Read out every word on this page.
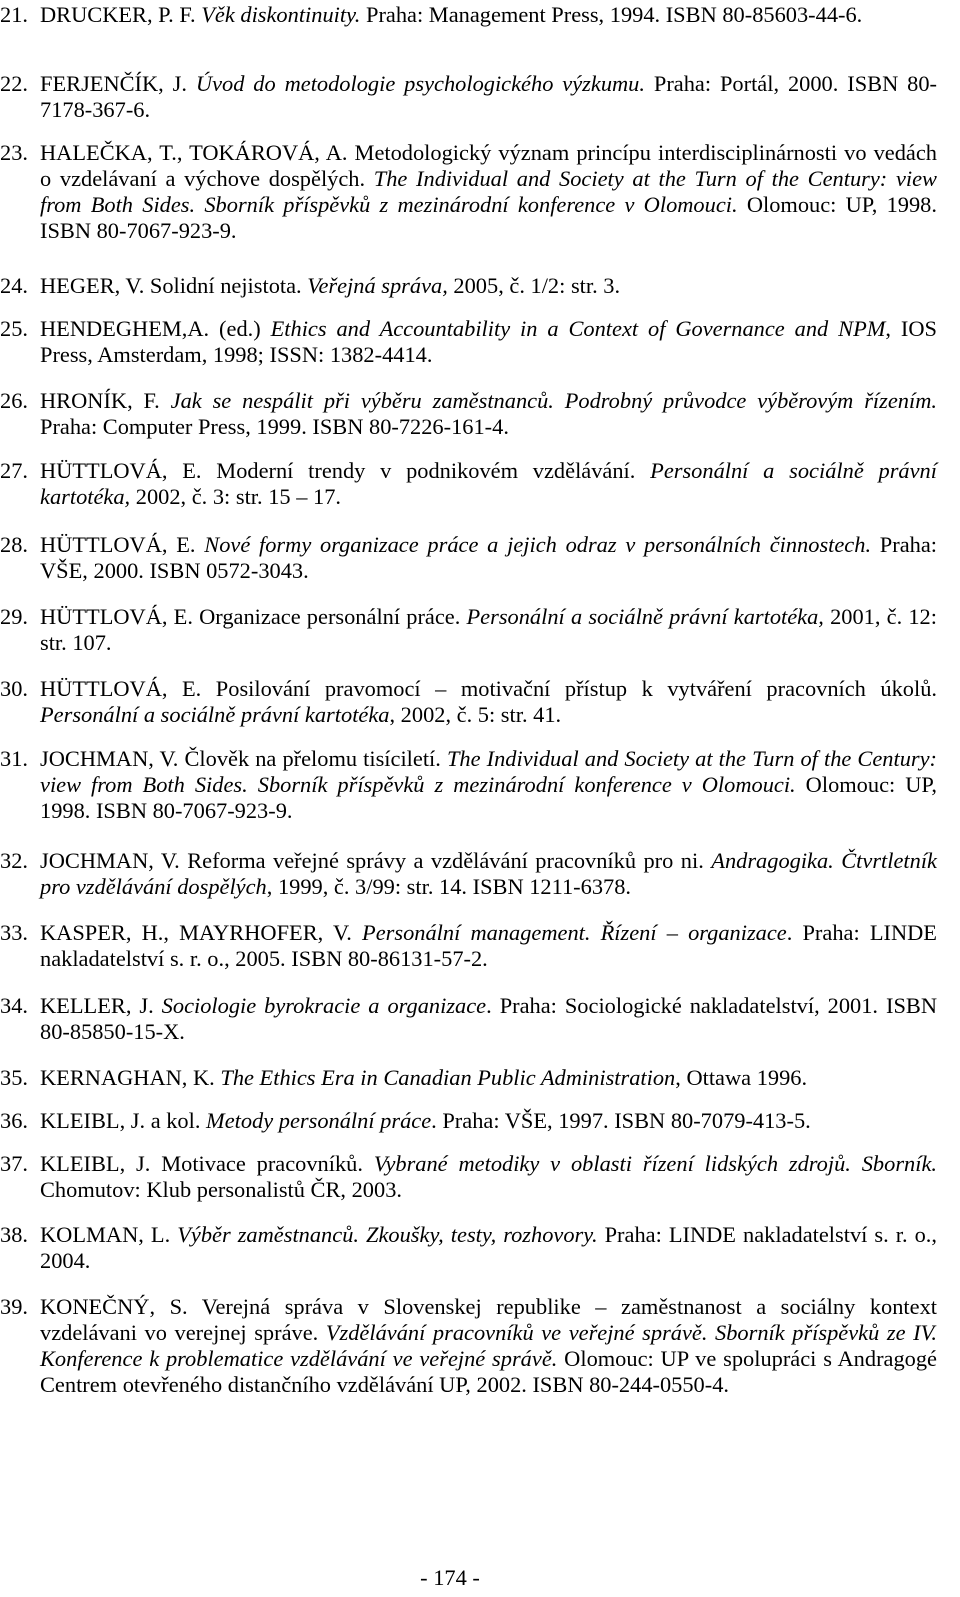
21. DRUCKER, P. F. Věk diskontinuity. Praha: Management Press, 1994. ISBN 80-85603-44-6.
22. FERJENČÍK, J. Úvod do metodologie psychologického výzkumu. Praha: Portál, 2000. ISBN 80-7178-367-6.
23. HALEČKA, T., TOKÁROVÁ, A. Metodologický význam princípu interdisciplinárnosti vo vedách o vzdelávaní a výchove dospělých. The Individual and Society at the Turn of the Century: view from Both Sides. Sborník příspěvků z mezinárodní konference v Olomouci. Olomouc: UP, 1998. ISBN 80-7067-923-9.
24. HEGER, V. Solidní nejistota. Veřejná správa, 2005, č. 1/2: str. 3.
25. HENDEGHEM,A. (ed.) Ethics and Accountability in a Context of Governance and NPM, IOS Press, Amsterdam, 1998; ISSN: 1382-4414.
26. HRONÍK, F. Jak se nespálit při výběru zaměstnanců. Podrobný průvodce výběrovým řízením. Praha: Computer Press, 1999. ISBN 80-7226-161-4.
27. HÜTTLOVÁ, E. Moderní trendy v podnikovém vzdělávání. Personální a sociálně právní kartotéka, 2002, č. 3: str. 15 – 17.
28. HÜTTLOVÁ, E. Nové formy organizace práce a jejich odraz v personálních činnostech. Praha: VŠE, 2000. ISBN 0572-3043.
29. HÜTTLOVÁ, E. Organizace personální práce. Personální a sociálně právní kartotéka, 2001, č. 12: str. 107.
30. HÜTTLOVÁ, E. Posilování pravomocí – motivační přístup k vytváření pracovních úkolů. Personální a sociálně právní kartotéka, 2002, č. 5: str. 41.
31. JOCHMAN, V. Člověk na přelomu tisíciletí. The Individual and Society at the Turn of the Century: view from Both Sides. Sborník příspěvků z mezinárodní konference v Olomouci. Olomouc: UP, 1998. ISBN 80-7067-923-9.
32. JOCHMAN, V. Reforma veřejné správy a vzdělávání pracovníků pro ni. Andragogika. Čtvrtletník pro vzdělávání dospělých, 1999, č. 3/99: str. 14. ISBN 1211-6378.
33. KASPER, H., MAYRHOFER, V. Personální management. Řízení – organizace. Praha: LINDE nakladatelství s. r. o., 2005. ISBN 80-86131-57-2.
34. KELLER, J. Sociologie byrokracie a organizace. Praha: Sociologické nakladatelství, 2001. ISBN 80-85850-15-X.
35. KERNAGHAN, K. The Ethics Era in Canadian Public Administration, Ottawa 1996.
36. KLEIBL, J. a kol. Metody personální práce. Praha: VŠE, 1997. ISBN 80-7079-413-5.
37. KLEIBL, J. Motivace pracovníků. Vybrané metodiky v oblasti řízení lidských zdrojů. Sborník. Chomutov: Klub personalistů ČR, 2003.
38. KOLMAN, L. Výběr zaměstnanců. Zkoušky, testy, rozhovory. Praha: LINDE nakladatelství s. r. o., 2004.
39. KONEČNÝ, S. Verejná správa v Slovenskej republike – zaměstnanost a sociálny kontext vzdelávani vo verejnej správe. Vzdělávání pracovníků ve veřejné správě. Sborník příspěvků ze IV. Konference k problematice vzdělávání ve veřejné správě. Olomouc: UP ve spolupráci s Andragogé Centrem otevřeného distančního vzdělávání UP, 2002. ISBN 80-244-0550-4.
- 174 -
